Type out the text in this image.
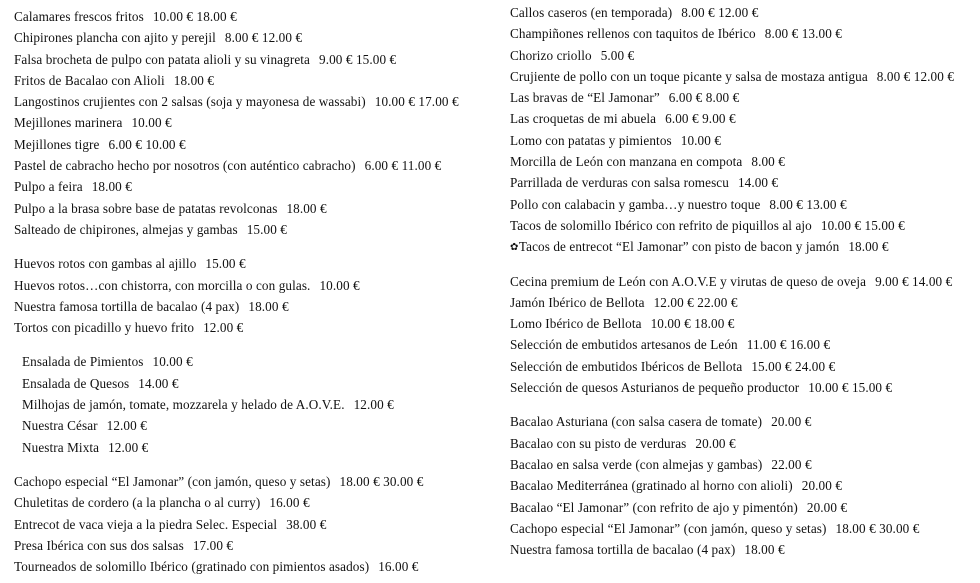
Calamares frescos fritos 10.00 € 18.00 €
Chipirones plancha con ajito y perejil 8.00 € 12.00 €
Falsa brocheta de pulpo con patata alioli y su vinagreta 9.00 € 15.00 €
Fritos de Bacalao con Alioli 18.00 €
Langostinos crujientes con 2 salsas (soja y mayonesa de wassabi) 10.00 € 17.00 €
Mejillones marinera 10.00 €
Mejillones tigre 6.00 € 10.00 €
Pastel de cabracho hecho por nosotros (con auténtico cabracho) 6.00 € 11.00 €
Pulpo a feira 18.00 €
Pulpo a la brasa sobre base de patatas revolconas 18.00 €
Salteado de chipirones, almejas y gambas 15.00 €
Huevos rotos con gambas al ajillo 15.00 €
Huevos rotos…con chistorra, con morcilla o con gulas. 10.00 €
Nuestra famosa tortilla de bacalao (4 pax) 18.00 €
Tortos con picadillo y huevo frito 12.00 €
Ensalada de Pimientos 10.00 €
Ensalada de Quesos 14.00 €
Milhojas de jamón, tomate, mozzarela y helado de A.O.V.E. 12.00 €
Nuestra César 12.00 €
Nuestra Mixta 12.00 €
Cachopo especial “El Jamonar” (con jamón, queso y setas) 18.00 € 30.00 €
Chuletitas de cordero (a la plancha o al curry) 16.00 €
Entrecot de vaca vieja a la piedra Selec. Especial 38.00 €
Presa Ibérica con sus dos salsas 17.00 €
Tourneados de solomillo Ibérico (gratinado con pimientos asados) 16.00 €
Callos caseros (en temporada) 8.00 € 12.00 €
Champiñones rellenos con taquitos de Ibérico 8.00 € 13.00 €
Chorizo criollo 5.00 €
Crujiente de pollo con un toque picante y salsa de mostaza antigua 8.00 € 12.00 €
Las bravas de “El Jamonar” 6.00 € 8.00 €
Las croquetas de mi abuela 6.00 € 9.00 €
Lomo con patatas y pimientos 10.00 €
Morcilla de León con manzana en compota 8.00 €
Parrillada de verduras con salsa romescu 14.00 €
Pollo con calabacin y gamba…y nuestro toque 8.00 € 13.00 €
Tacos de solomillo Ibérico con refrito de piquillos al ajo 10.00 € 15.00 €
✿Tacos de entrecot “El Jamonar” con pisto de bacon y jamón 18.00 €
Cecina premium de León con A.O.V.E y virutas de queso de oveja 9.00 € 14.00 €
Jamón Ibérico de Bellota 12.00 € 22.00 €
Lomo Ibérico de Bellota 10.00 € 18.00 €
Selección de embutidos artesanos de León 11.00 € 16.00 €
Selección de embutidos Ibéricos de Bellota 15.00 € 24.00 €
Selección de quesos Asturianos de pequeño productor 10.00 € 15.00 €
Bacalao Asturiana (con salsa casera de tomate) 20.00 €
Bacalao con su pisto de verduras 20.00 €
Bacalao en salsa verde (con almejas y gambas) 22.00 €
Bacalao Mediterránea (gratinado al horno con alioli) 20.00 €
Bacalao “El Jamonar” (con refrito de ajo y pimentón) 20.00 €
Cachopo especial “El Jamonar” (con jamón, queso y setas) 18.00 € 30.00 €
Nuestra famosa tortilla de bacalao (4 pax) 18.00 €
